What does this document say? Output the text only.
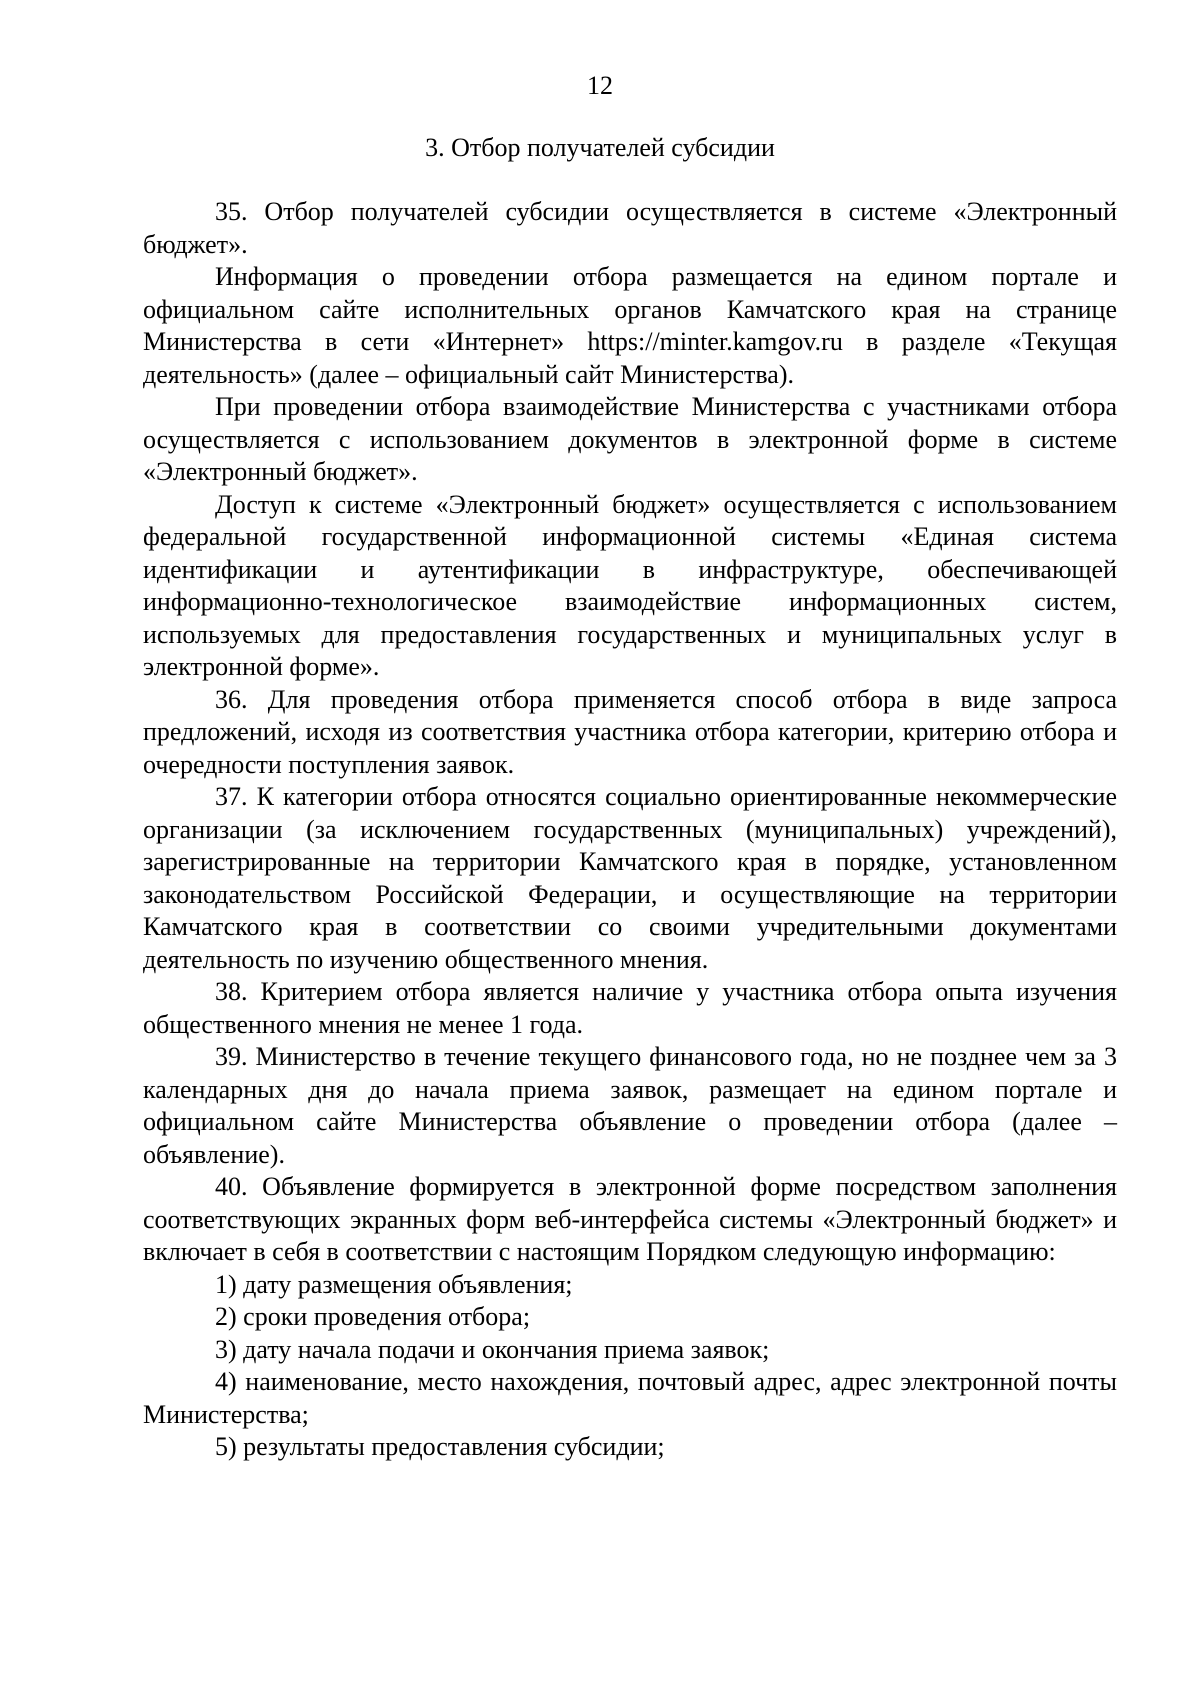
12
3. Отбор получателей субсидии

35. Отбор получателей субсидии осуществляется в системе «Электронный бюджет».

Информация о проведении отбора размещается на едином портале и официальном сайте исполнительных органов Камчатского края на странице Министерства в сети «Интернет» https://minter.kamgov.ru в разделе «Текущая деятельность» (далее – официальный сайт Министерства).

При проведении отбора взаимодействие Министерства с участниками отбора осуществляется с использованием документов в электронной форме в системе «Электронный бюджет».

Доступ к системе «Электронный бюджет» осуществляется с использованием федеральной государственной информационной системы «Единая система идентификации и аутентификации в инфраструктуре, обеспечивающей информационно-технологическое взаимодействие информационных систем, используемых для предоставления государственных и муниципальных услуг в электронной форме».

36. Для проведения отбора применяется способ отбора в виде запроса предложений, исходя из соответствия участника отбора категории, критерию отбора и очередности поступления заявок.

37. К категории отбора относятся социально ориентированные некоммерческие организации (за исключением государственных (муниципальных) учреждений), зарегистрированные на территории Камчатского края в порядке, установленном законодательством Российской Федерации, и осуществляющие на территории Камчатского края в соответствии со своими учредительными документами деятельность по изучению общественного мнения.

38. Критерием отбора является наличие у участника отбора опыта изучения общественного мнения не менее 1 года.

39. Министерство в течение текущего финансового года, но не позднее чем за 3 календарных дня до начала приема заявок, размещает на едином портале и официальном сайте Министерства объявление о проведении отбора (далее – объявление).

40. Объявление формируется в электронной форме посредством заполнения соответствующих экранных форм веб-интерфейса системы «Электронный бюджет» и включает в себя в соответствии с настоящим Порядком следующую информацию:

1) дату размещения объявления;

2) сроки проведения отбора;

3) дату начала подачи и окончания приема заявок;

4) наименование, место нахождения, почтовый адрес, адрес электронной почты Министерства;

5) результаты предоставления субсидии;
